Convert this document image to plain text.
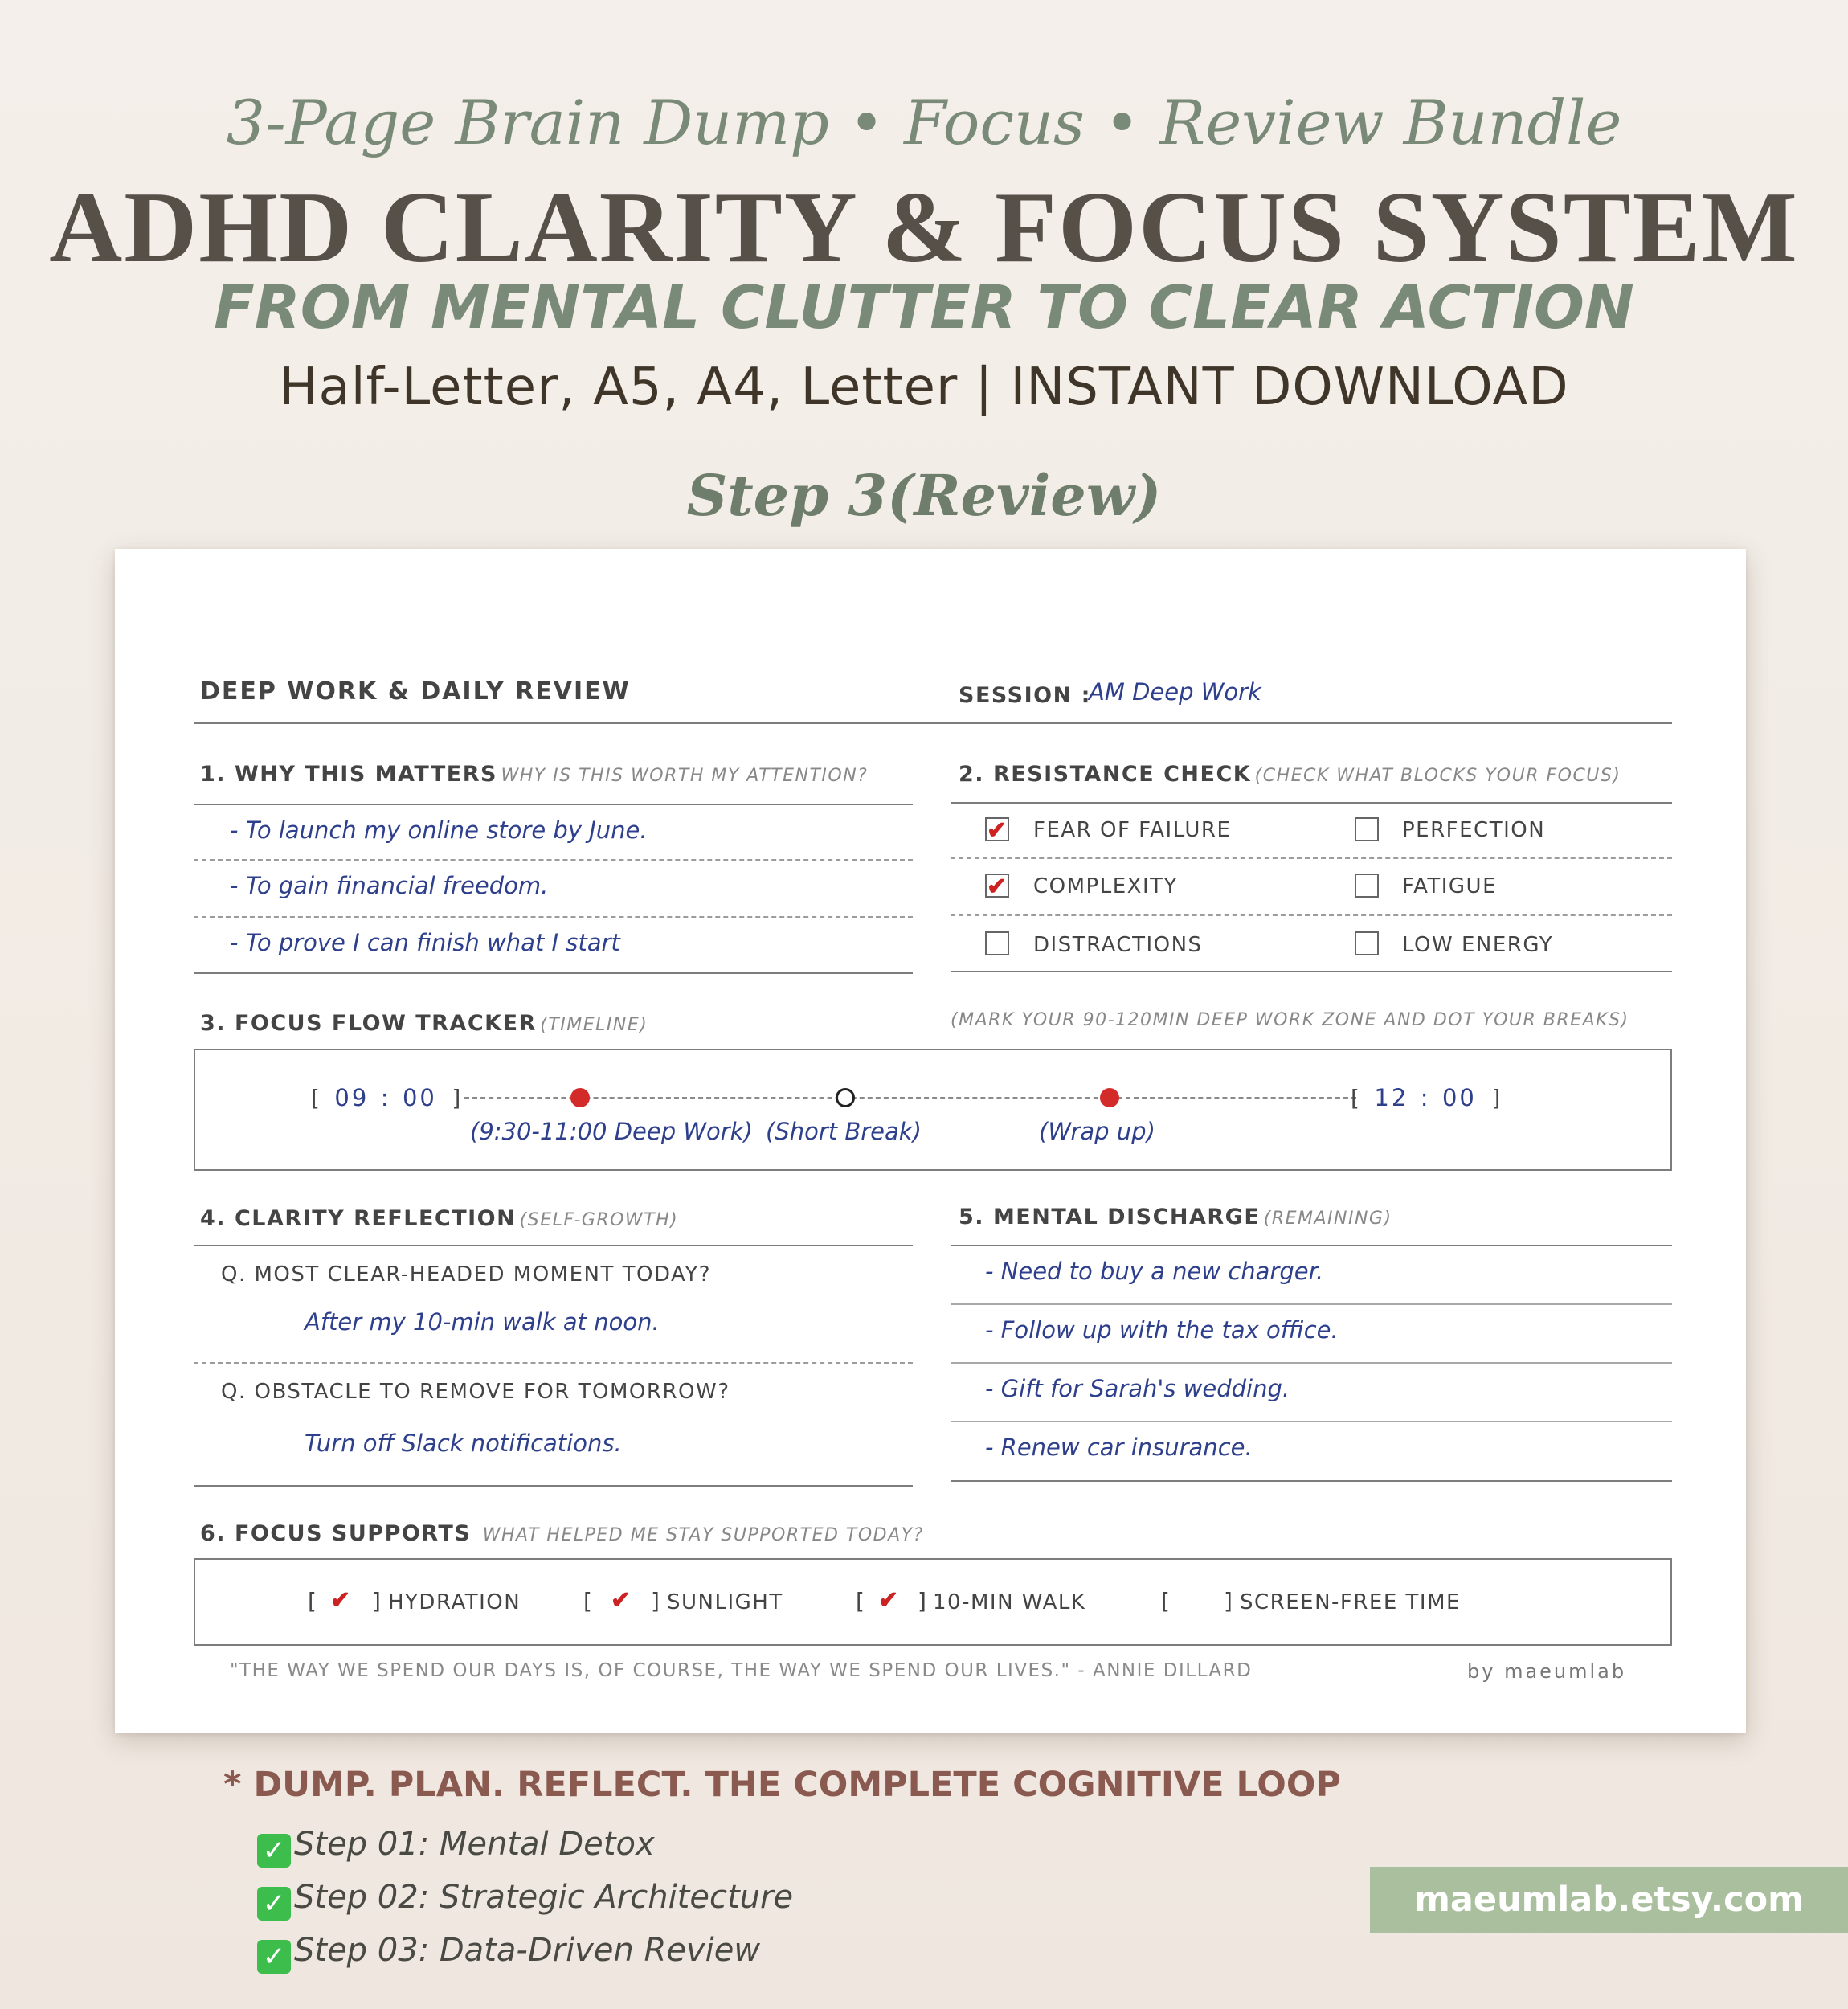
3-Page Brain Dump • Focus • Review Bundle
ADHD CLARITY & FOCUS SYSTEM
FROM MENTAL CLUTTER TO CLEAR ACTION
Half-Letter, A5, A4, Letter | INSTANT DOWNLOAD
Step 3(Review)
DEEP WORK & DAILY REVIEW	SESSION :
AM Deep Work
1. WHY THIS MATTERS WHY IS THIS WORTH MY ATTENTION?
- To launch my online store by June.
- To gain financial freedom.
- To prove I can finish what I start
2. RESISTANCE CHECK (CHECK WHAT BLOCKS YOUR FOCUS)
✔ FEAR OF FAILURE	PERFECTION
✔ COMPLEXITY	FATIGUE
DISTRACTIONS	LOW ENERGY
3. FOCUS FLOW TRACKER (TIMELINE)	(MARK YOUR 90-120MIN DEEP WORK ZONE AND DOT YOUR BREAKS)
[ 09 : 00 ]	[ 12 : 00 ]
(9:30-11:00 Deep Work) (Short Break)	(Wrap up)
4. CLARITY REFLECTION (SELF-GROWTH)
Q. MOST CLEAR-HEADED MOMENT TODAY?
After my 10-min walk at noon.
Q. OBSTACLE TO REMOVE FOR TOMORROW?
Turn off Slack notifications.
5. MENTAL DISCHARGE (REMAINING)
- Need to buy a new charger.
- Follow up with the tax office.
- Gift for Sarah's wedding.
- Renew car insurance.
6. FOCUS SUPPORTS WHAT HELPED ME STAY SUPPORTED TODAY?
[ ✔ ] HYDRATION	[ ✔ ] SUNLIGHT	[ ✔ ] 10-MIN WALK	[ ] SCREEN-FREE TIME
"THE WAY WE SPEND OUR DAYS IS, OF COURSE, THE WAY WE SPEND OUR LIVES." - ANNIE DILLARD	by maeumlab
* DUMP. PLAN. REFLECT. THE COMPLETE COGNITIVE LOOP
✓ Step 01: Mental Detox
✓ Step 02: Strategic Architecture
✓ Step 03: Data-Driven Review
maeumlab.etsy.com
